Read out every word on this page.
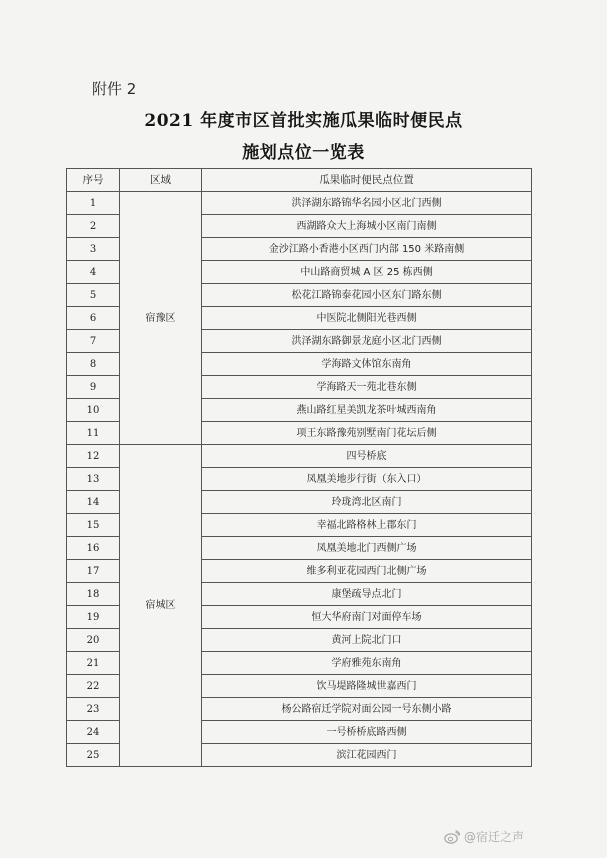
附件 2
2021 年度市区首批实施瓜果临时便民点
施划点位一览表
序号	区域	瓜果临时便民点位置
1	宿豫区	洪泽湖东路锦华名园小区北门西侧
2		西湖路众大上海城小区南门南侧
3		金沙江路小香港小区西门内部 150 米路南侧
4		中山路商贸城 A 区 25 栋西侧
5		松花江路锦泰花园小区东门路东侧
6		中医院北侧阳光巷西侧
7		洪泽湖东路御景龙庭小区北门西侧
8		学海路文体馆东南角
9		学海路天一苑北巷东侧
10		燕山路红星美凯龙茶叶城西南角
11		项王东路豫苑别墅南门花坛后侧
12	宿城区	四号桥底
13		凤凰美地步行街（东入口）
14		玲珑湾北区南门
15		幸福北路格林上郡东门
16		凤凰美地北门西侧广场
17		维多利亚花园西门北侧广场
18		康堡疏导点北门
19		恒大华府南门对面停车场
20		黄河上院北门口
21		学府雅苑东南角
22		饮马堤路隆城世嘉西门
23		杨公路宿迁学院对面公园一号东侧小路
24		一号桥桥底路西侧
25		滨江花园西门
@宿迁之声
